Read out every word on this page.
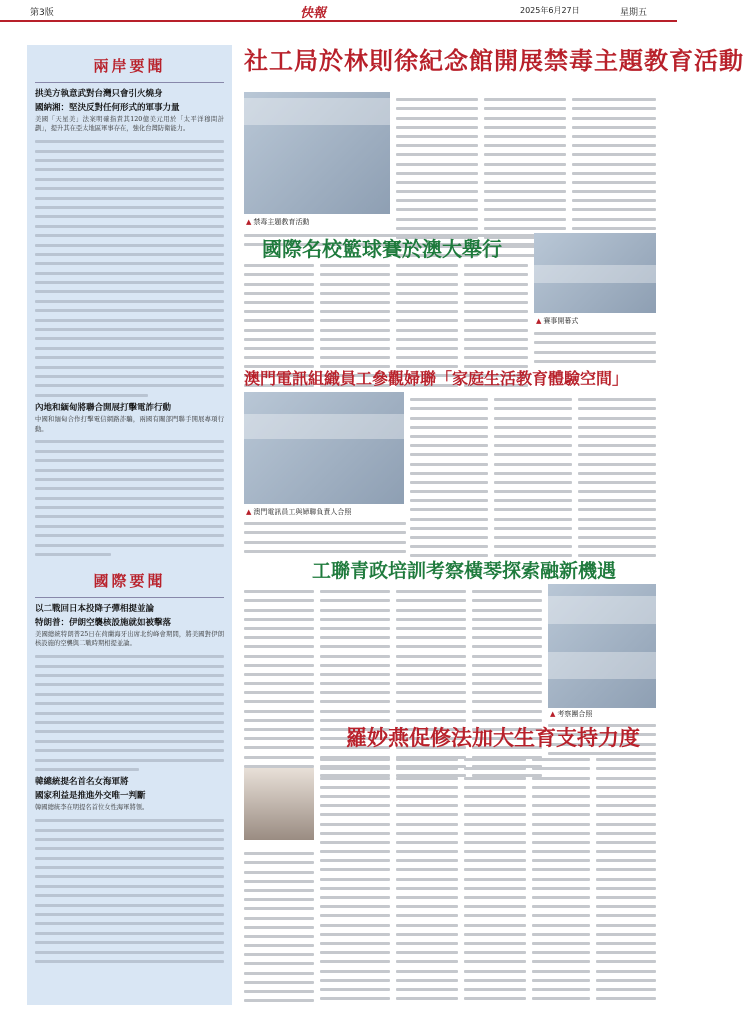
第3版	快報	2025年6月27日	星期五
兩岸要聞
拱美方執意武對台灣只會引火燒身
國納湘：堅決反對任何形式的軍事力量

美國「天星美」法案明確指責其120億美元用於「太平洋穆問計劃」，提升其在亞太地區軍事存在，強化台灣防衛能力。

內地和緬甸將聯合開展打擊電詐行動

中國和緬甸合作打擊電信網路詐騙，兩國有關部門聯手開展專項行動。

國際要聞
以二戰回日本投降子彈相提並論
特朗普：伊朗空襲核設施就如被擊落

美國總統特朗普25日在荷蘭海牙出席北約峰會期間，將美國對伊朗核設施的空襲與二戰時期相提並論。

韓總統提名首名女海軍將
國家利益是推進外交唯一判斷

韓國總統李在明提名首位女性海軍將領。

社工局於林則徐紀念館開展禁毒主題教育活動
▲ 禁毒主題教育活動
國際名校籃球賽於澳大舉行
▲ 賽事開幕式
澳門電訊組織員工參觀婦聯「家庭生活教育體驗空間」
▲ 澳門電訊員工與婦聯負責人合照
工聯青政培訓考察橫琴探索融新機遇
▲ 考察團合照
羅妙燕促修法加大生育支持力度
